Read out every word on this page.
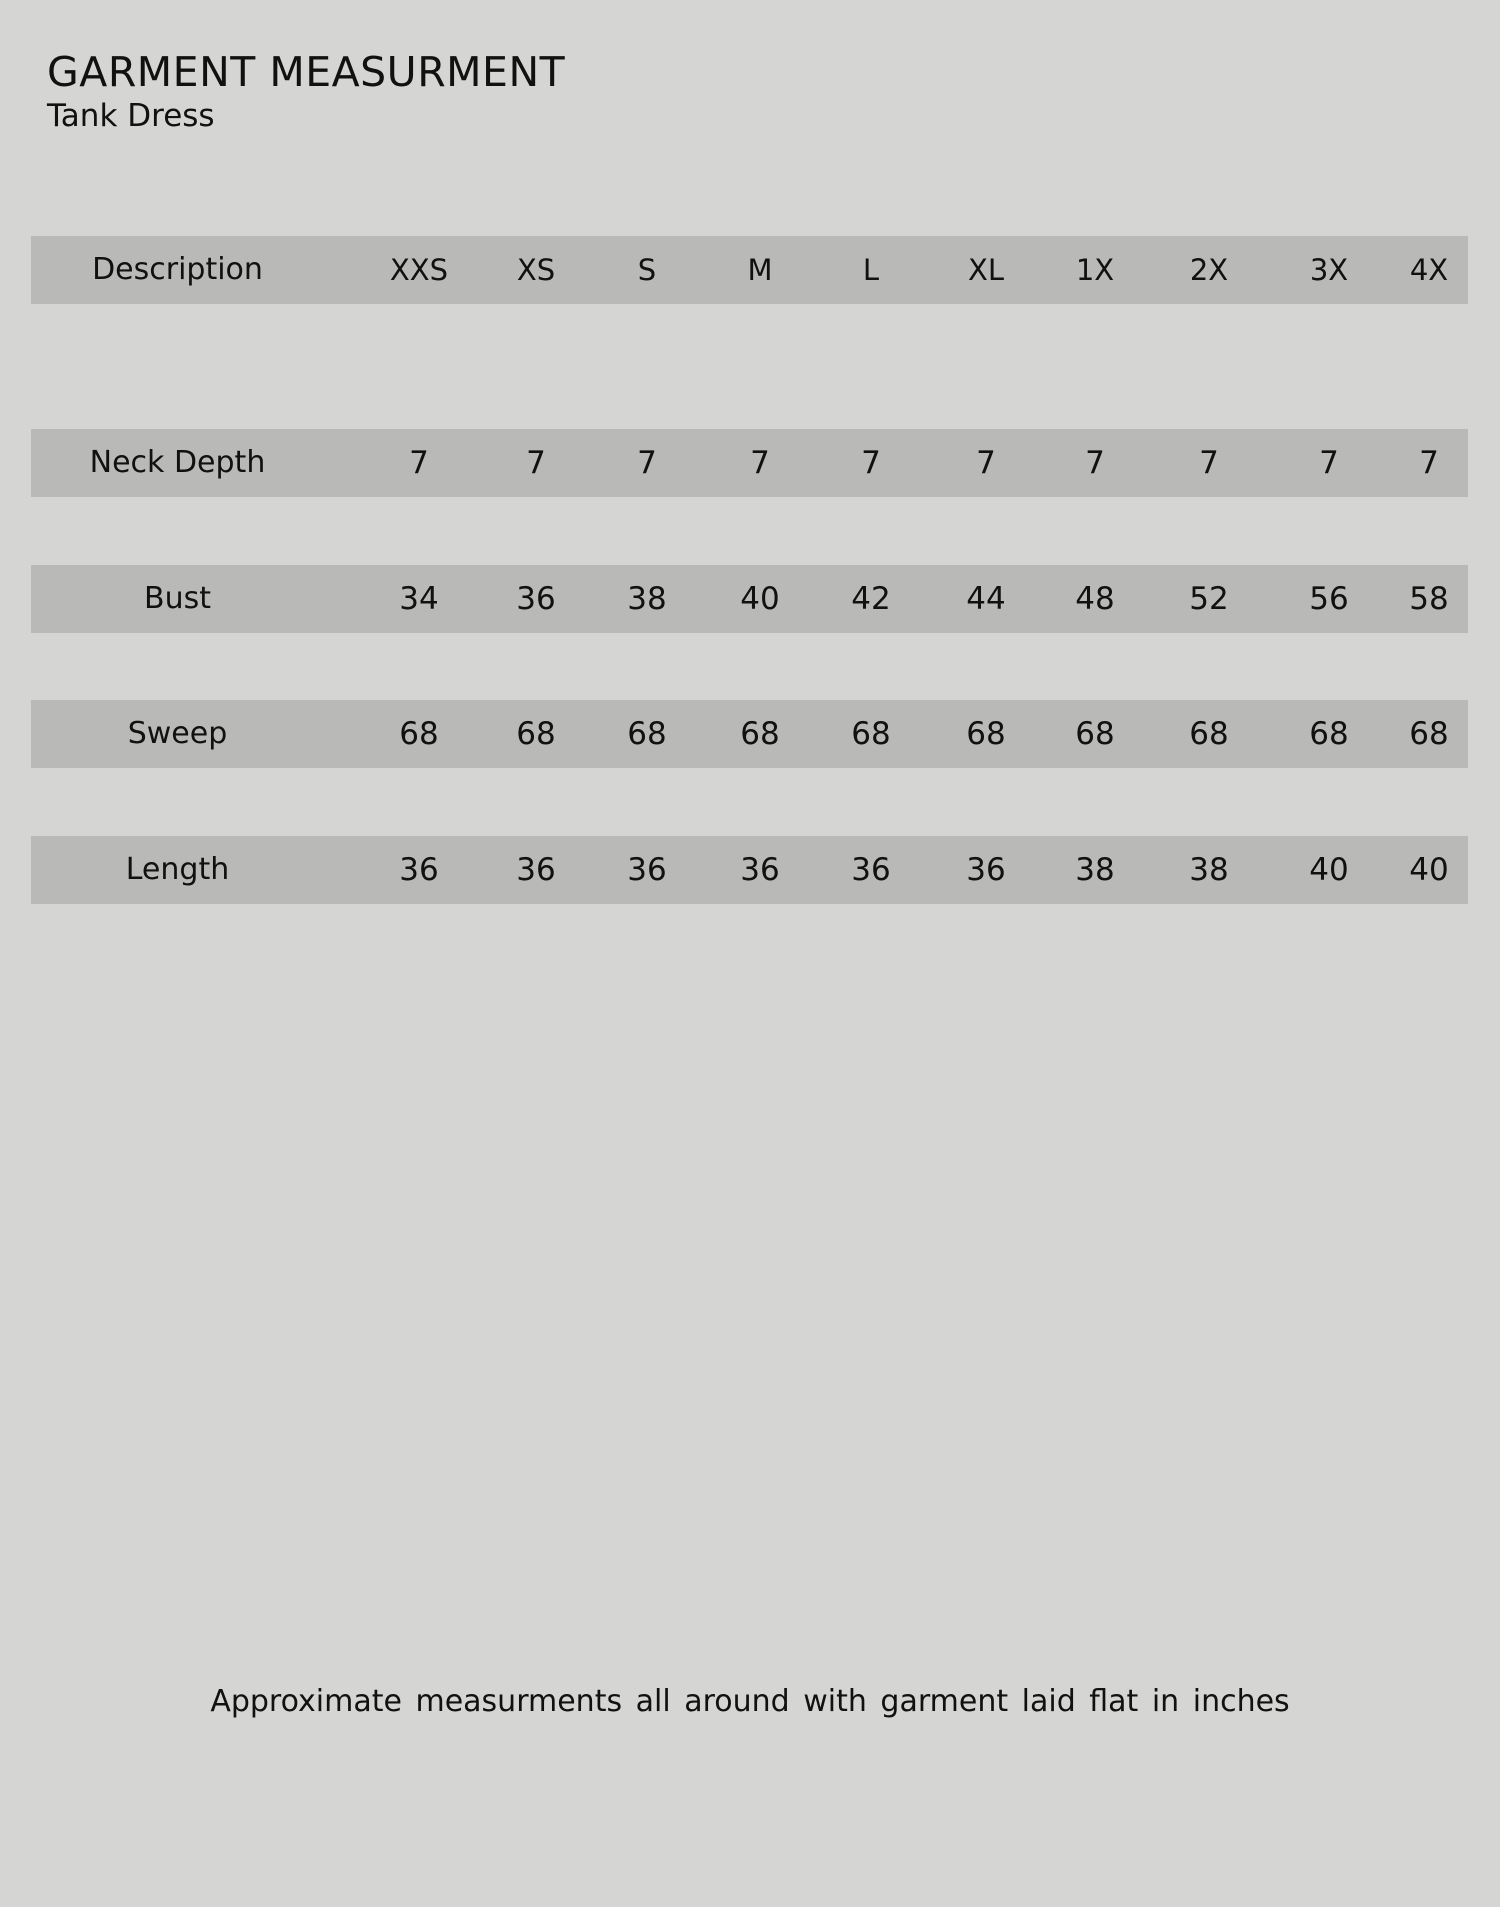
GARMENT MEASURMENT
Tank Dress
Description	XXS	XS	S	M	L	XL	1X	2X	3X	4X
Neck Depth	7	7	7	7	7	7	7	7	7	7
Bust	34	36	38	40	42	44	48	52	56	58
Sweep	68	68	68	68	68	68	68	68	68	68
Length	36	36	36	36	36	36	38	38	40	40
Approximate measurments all around with garment laid flat in inches
